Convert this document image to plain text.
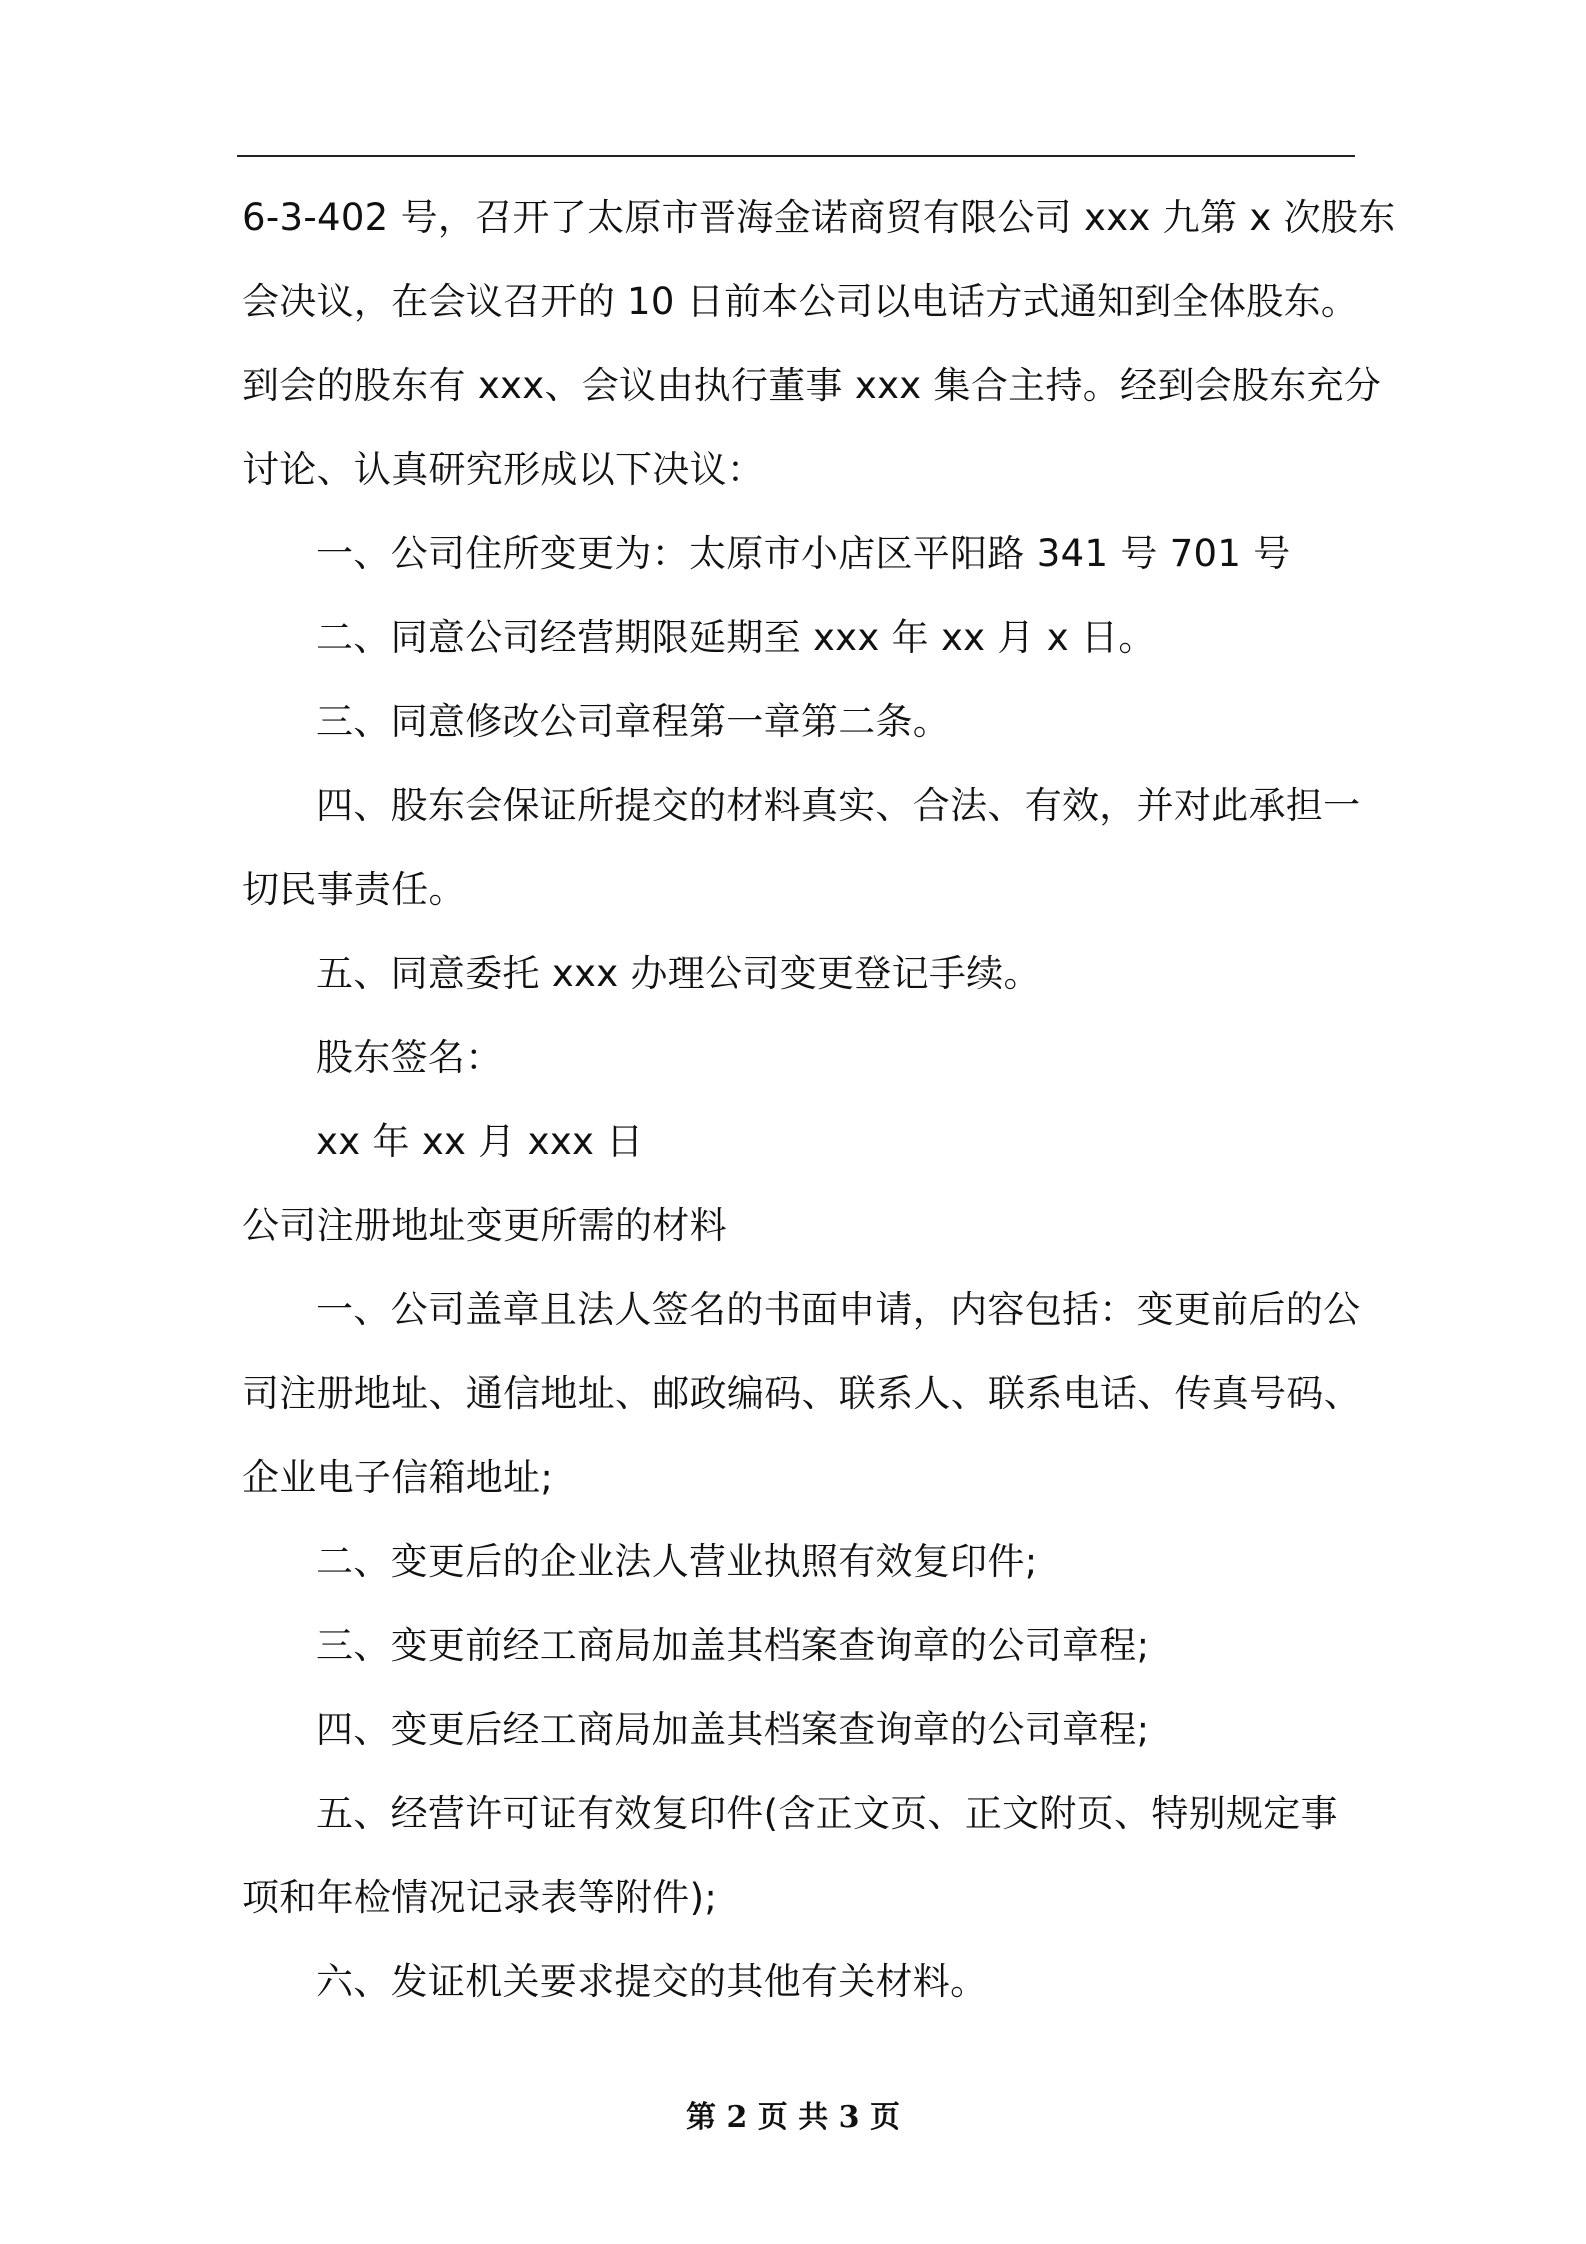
6-3-402 号，召开了太原市晋海金诺商贸有限公司 xxx 九第 x 次股东
会决议，在会议召开的 10 日前本公司以电话方式通知到全体股东。
到会的股东有 xxx、会议由执行董事 xxx 集合主持。经到会股东充分
讨论、认真研究形成以下决议：
一、公司住所变更为：太原市小店区平阳路 341 号 701 号
二、同意公司经营期限延期至 xxx 年 xx 月 x 日。
三、同意修改公司章程第一章第二条。
四、股东会保证所提交的材料真实、合法、有效，并对此承担一
切民事责任。
五、同意委托 xxx 办理公司变更登记手续。
股东签名：
xx 年 xx 月 xxx 日
公司注册地址变更所需的材料
一、公司盖章且法人签名的书面申请，内容包括：变更前后的公
司注册地址、通信地址、邮政编码、联系人、联系电话、传真号码、
企业电子信箱地址;
二、变更后的企业法人营业执照有效复印件;
三、变更前经工商局加盖其档案查询章的公司章程;
四、变更后经工商局加盖其档案查询章的公司章程;
五、经营许可证有效复印件(含正文页、正文附页、特别规定事
项和年检情况记录表等附件);
六、发证机关要求提交的其他有关材料。
第 2 页 共 3 页
